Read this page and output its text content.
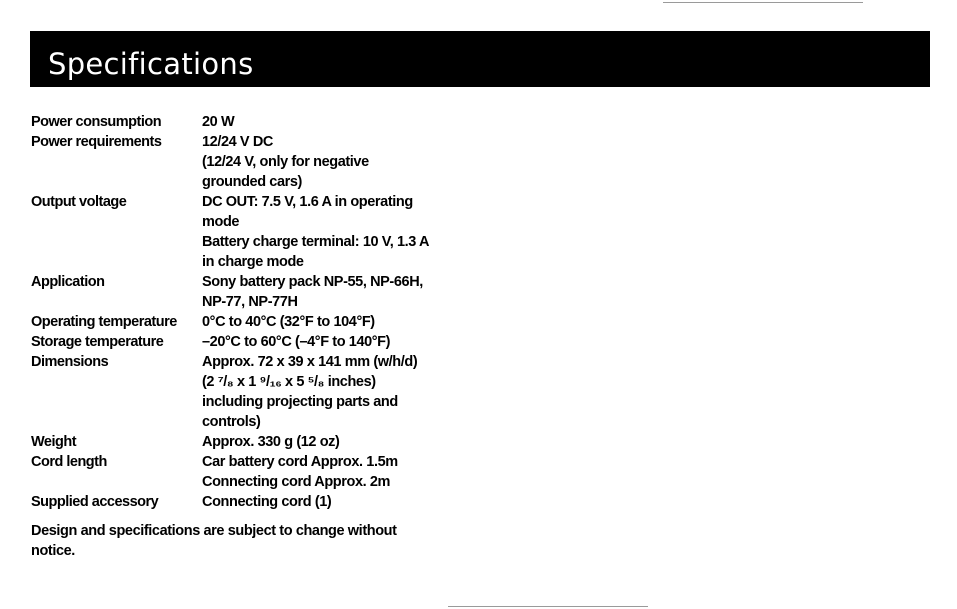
Specifications
Power consumption	20 W
Power requirements	12/24 V DC
(12/24 V, only for negative
grounded cars)
Output voltage	DC OUT: 7.5 V, 1.6 A in operating
mode
Battery charge terminal: 10 V, 1.3 A
in charge mode
Application	Sony battery pack NP-55, NP-66H,
NP-77, NP-77H
Operating temperature	0°C to 40°C (32°F to 104°F)
Storage temperature	–20°C to 60°C (–4°F to 140°F)
Dimensions	Approx. 72 x 39 x 141 mm (w/h/d)
(2 ⁷/₈ x 1 ⁹/₁₆ x 5 ⁵/₈ inches)
including projecting parts and
controls)
Weight	Approx. 330 g (12 oz)
Cord length	Car battery cord Approx. 1.5m
Connecting cord Approx. 2m
Supplied accessory	Connecting cord (1)
Design and specifications are subject to change without
notice.
